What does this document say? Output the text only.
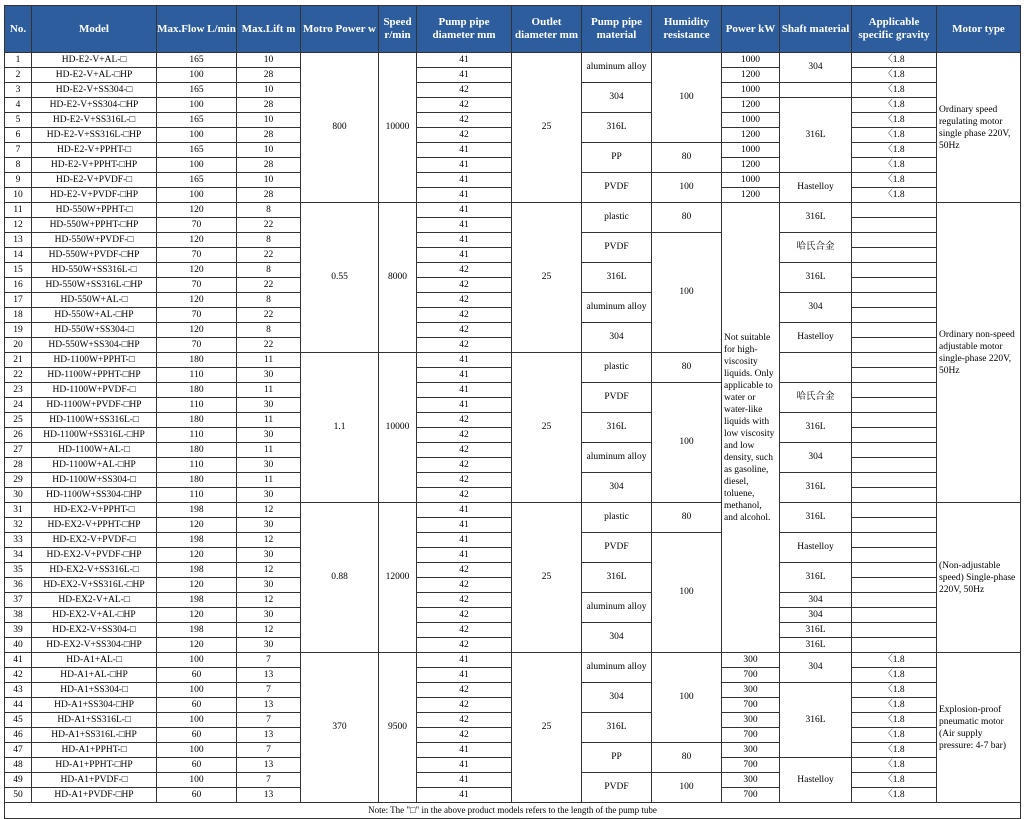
No.	Model	Max.Flow L/min	Max.Lift m	Motro Power w	Speed r/min	Pump pipe diameter mm	Outlet diameter mm	Pump pipe material	Humidity resistance	Power kW	Shaft material	Applicable specific gravity	Motor type
1	HD-E2-V+AL-□	165	10	800	10000	41	25	aluminum alloy	100	1000	304	〈1.8	Ordinary speed regulating motor single phase 220V, 50Hz
2	HD-E2-V+AL-□HP	100	28			41				1200		〈1.8	
3	HD-E2-V+SS304-□	165	10			42		304		1000		〈1.8	
4	HD-E2-V+SS304-□HP	100	28			42				1200	316L	〈1.8	
5	HD-E2-V+SS316L-□	165	10			42		316L		1000		〈1.8	
6	HD-E2-V+SS316L-□HP	100	28			42				1200		〈1.8	
7	HD-E2-V+PPHT-□	165	10			41		PP	80	1000		〈1.8	
8	HD-E2-V+PPHT-□HP	100	28			41				1200		〈1.8	
9	HD-E2-V+PVDF-□	165	10			41		PVDF	100	1000	Hastelloy	〈1.8	
10	HD-E2-V+PVDF-□HP	100	28			41				1200		〈1.8	
11	HD-550W+PPHT-□	120	8	0.55	8000	41	25	plastic	80	Not suitable for high-viscosity liquids. Only applicable to water or water-like liquids with low viscosity and low density, such as gasoline, diesel, toluene, methanol, and alcohol.	316L		Ordinary non-speed adjustable motor single-phase 220V, 50Hz
12	HD-550W+PPHT-□HP	70	22			41							
13	HD-550W+PVDF-□	120	8			41		PVDF	100		哈氏合金		
14	HD-550W+PVDF-□HP	70	22			41							
15	HD-550W+SS316L-□	120	8			42		316L			316L		
16	HD-550W+SS316L-□HP	70	22			42							
17	HD-550W+AL-□	120	8			42		aluminum alloy			304		
18	HD-550W+AL-□HP	70	22			42							
19	HD-550W+SS304-□	120	8			42		304			Hastelloy		
20	HD-550W+SS304-□HP	70	22			42							
21	HD-1100W+PPHT-□	180	11	1.1	10000	41	25	plastic	80				
22	HD-1100W+PPHT-□HP	110	30			41							
23	HD-1100W+PVDF-□	180	11			41		PVDF	100		哈氏合金		
24	HD-1100W+PVDF-□HP	110	30			41							
25	HD-1100W+SS316L-□	180	11			42		316L			316L		
26	HD-1100W+SS316L-□HP	110	30			42							
27	HD-1100W+AL-□	180	11			42		aluminum alloy			304		
28	HD-1100W+AL-□HP	110	30			42							
29	HD-1100W+SS304-□	180	11			42		304			316L		
30	HD-1100W+SS304-□HP	110	30			42							
31	HD-EX2-V+PPHT-□	198	12	0.88	12000	41	25	plastic	80		316L		(Non-adjustable speed) Single-phase 220V, 50Hz
32	HD-EX2-V+PPHT-□HP	120	30			41							
33	HD-EX2-V+PVDF-□	198	12			41		PVDF	100		Hastelloy		
34	HD-EX2-V+PVDF-□HP	120	30			41							
35	HD-EX2-V+SS316L-□	198	12			42		316L			316L		
36	HD-EX2-V+SS316L-□HP	120	30			42							
37	HD-EX2-V+AL-□	198	12			42		aluminum alloy			304		
38	HD-EX2-V+AL-□HP	120	30			42					304		
39	HD-EX2-V+SS304-□	198	12			42		304			316L		
40	HD-EX2-V+SS304-□HP	120	30			42					316L		
41	HD-A1+AL-□	100	7	370	9500	41	25	aluminum alloy	100	300	304	〈1.8	Explosion-proof pneumatic motor (Air supply pressure: 4-7 bar)
42	HD-A1+AL-□HP	60	13			41				700		〈1.8	
43	HD-A1+SS304-□	100	7			42		304		300	316L	〈1.8	
44	HD-A1+SS304-□HP	60	13			42				700		〈1.8	
45	HD-A1+SS316L-□	100	7			42		316L		300		〈1.8	
46	HD-A1+SS316L-□HP	60	13			42				700		〈1.8	
47	HD-A1+PPHT-□	100	7			41		PP	80	300		〈1.8	
48	HD-A1+PPHT-□HP	60	13			41				700	Hastelloy	〈1.8	
49	HD-A1+PVDF-□	100	7			41		PVDF	100	300		〈1.8	
50	HD-A1+PVDF-□HP	60	13			41				700		〈1.8	
Note: The "□" in the above product models refers to the length of the pump tube													
